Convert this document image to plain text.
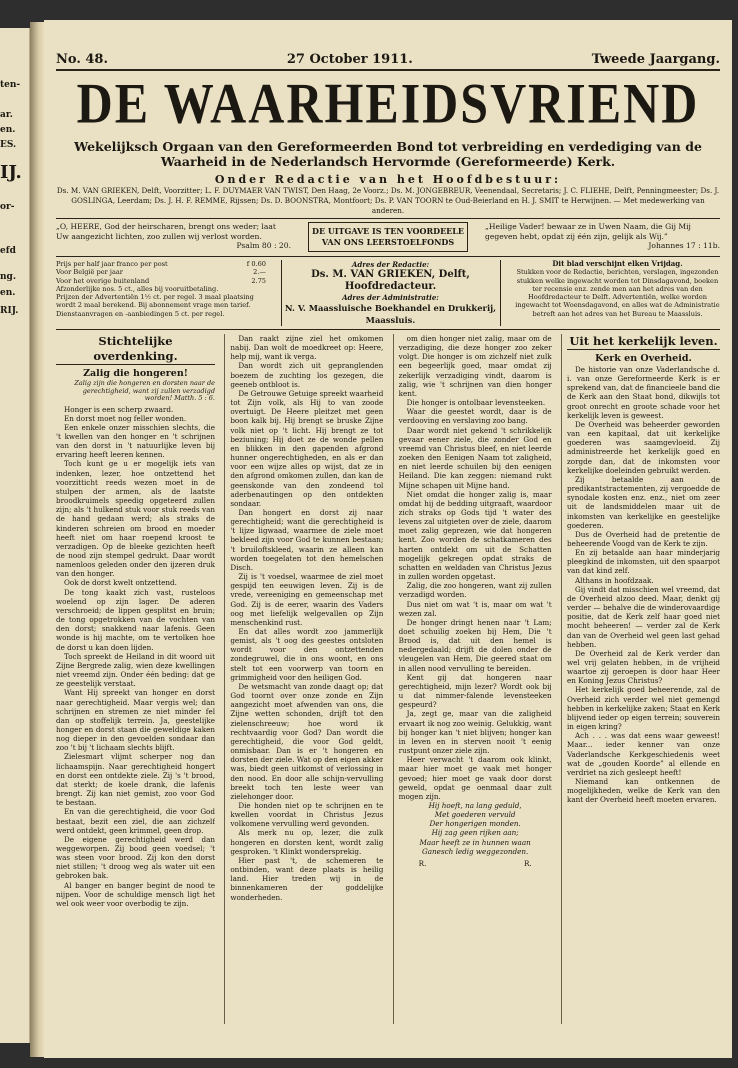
ten-
ar.
en.
ES.
IJ.
or-
efd
ng.
en.
RIJ.
No. 48.	27 October 1911.	Tweede Jaargang.
DE WAARHEIDSVRIEND
Wekelijksch Orgaan van den Gereformeerden Bond tot verbreiding en verdediging van de Waarheid in de Nederlandsch Hervormde (Gereformeerde) Kerk.
Onder Redactie van het Hoofdbestuur:
Ds. M. VAN GRIEKEN, Delft, Voorzitter; L. F. DUYMAER VAN TWIST, Den Haag, 2e Voorz.; Ds. M. JONGEBREUR, Veenendaal, Secretaris; J. C. FLIEHE, Delft, Penningmeester; Ds. J. GOSLINGA, Leerdam; Ds. J. H. F. REMME, Rijssen; Ds. D. BOONSTRA, Montfoort; Ds. P. VAN TOORN te Oud-Beierland en H. J. SMIT te Herwijnen. — Met medewerking van anderen.
„O, HEERE, God der heirscharen, brengt ons weder; laat Uw aangezicht lichten, zoo zullen wij verlost worden.
Psalm 80 : 20.
DE UITGAVE IS TEN VOORDEELE VAN ONS LEERSTOELFONDS
„Heilige Vader! bewaar ze in Uwen Naam, die Gij Mij gegeven hebt, opdat zij één zijn, gelijk als Wij.”
Johannes 17 : 11b.
Prijs per half jaar franco per post	f 0.60
Voor België per jaar	2.—
Voor het overige buitenland	2.75
Afzonderlijke nos. 5 ct., alles bij vooruitbetaling.
Prijzen der Advertentiën 1½ ct. per regel. 3 maal plaatsing wordt 2 maal berekend. Bij abonnement vrage men tarief. Dienstaanvragen en -aanbiedingen 5 ct. per regel.
Adres der Redactie:
Ds. M. VAN GRIEKEN, Delft, Hoofdredacteur.
Adres der Administratie:
N. V. Maassluische Boekhandel en Drukkerij, Maassluis.
Dit blad verschijnt elken Vrijdag.
Stukken voor de Redactie, berichten, verslagen, ingezonden stukken welke ingewacht worden tot Dinsdagavond, boeken ter recensie enz. zende men aan het adres van den Hoofdredacteur te Delft. Advertentiën, welke worden ingewacht tot Woensdagavond, en alles wat de Administratie betreft aan het adres van het Bureau te Maassluis.
Stichtelijke overdenking.
Zalig die hongeren!
Zalig zijn die hongeren en dorsten naar de gerechtigheid, want zij zullen verzadigd worden! Matth. 5 : 6.

Honger is een scherp zwaard.

En dorst moet nog feller wonden.

Een enkele onzer misschien slechts, die 't kwellen van den honger en 't schrijnen van den dorst in 't natuurlijke leven bij ervaring heeft leeren kennen.

Toch kunt ge u er mogelijk iets van indenken, lezer, hoe ontzettend het voorzitticht reeds wezen moet in de stulpen der armen, als de laatste broodkruimels speedig opgeteerd zullen zijn; als 't hulkend stuk voor stuk reeds van de hand gedaan werd; als straks de kinderen schreien om brood en moeder heeft niet om haar roepend kroost te verzadigen. Op de bleeke gezichten heeft de nood zijn stempel gedrukt. Daar wordt namenloos geleden onder den ijzeren druk van den honger.

Ook de dorst kwelt ontzettend.

De tong kaakt zich vast, rusteloos woelend op zijn lager. De aderen verschroeid; de lippen gesplitst en bruin; de tong opgetrokken van de vochten van den dorst; snakkend naar lafenis. Geen wonde is hij machte, om te vertolken hoe de dorst u kan doen lijden.

Toch spreekt de Heiland in dit woord uit Zijne Bergrede zalig, wien deze kwellingen niet vreemd zijn. Onder één beding: dat ge ze geestelijk verstaat.

Want Hij spreekt van honger en dorst naar gerechtigheid. Maar vergis wel; dan schrijnen en stremen ze niet minder fel dan op stoffelijk terrein. Ja, geestelijke honger en dorst staan die geweldige kaken nog dieper in den gevoelden sondaar dan zoo 't bij 't lichaam slechts blijft.

Zielesmart vlijmt scherper nog dan lichaamspijn. Naar gerechtigheid hongert en dorst een ontdekte ziele. Zij 's 't brood, dat sterkt; de koele drank, die lafenis brengt. Zij kan niet gemist, zoo voor God te bestaan.

En van die gerechtigheid, die voor God bestaat, bezit een ziel, die aan zichzelf werd ontdekt, geen krimmel, geen drop.

De eigene gerechtigheid werd dan weggeworpen. Zij bood geen voedsel; 't was steen voor brood. Zij kon den dorst niet stillen; 't droog weg als water uit een gebroken bak.

Al banger en banger begint de nood te nijpen. Voor de schuldige mensch ligt het wel ook weer voor overbodig te zijn.

Dan raakt zijne ziel het omkomen nabij. Dan wolt de moedkreet op: Heere, help mij, want ik verga.

Dan wordt zich uit gepranglenden boezem de zuchting los gezegen, die geeneb ontbloot is.

De Getrouwe Getuige spreekt waarheid tot Zijn volk, als Hij to van zoode overtuigt. De Heere pleitzet met geen boon kalk bij. Hij brengt se bruske Zijne volk niet op 't licht. Hij brengt ze tot beziuning; Hij doet ze de wonde pellen en blikken in den gapenden afgrond hunner ongerechtigheden, en als er dan voor een wijze alles op wijst, dat ze in den afgrond omkomen zullen, dan kan de geenskonde van den zondeend tol aderbenautingen op den ontdekten sondaar.

Dan hongert en dorst zij naar gerechtigheid; want die gerechtigheid is 't lijze ligwaad, waarmee de ziele moet bekleed zijn voor God te kunnen bestaan; 't bruiloftskleed, waarin ze alleen kan worden toegelaten tot den hemelschen Disch.

Zij is 't voedsel, waarmee de ziel moet gespijd ten eeuwigen leven. Zij is de vrede, vereeniging en gemeenschap met God. Zij is de eerer, waarin des Vaders oog met liefelijk welgevallen op Zijn menschenkind rust.

En dat alles wordt zoo jammerlijk gemist, als 't oog des geestes ontsloten wordt voor den ontzettenden zondegruwel, die in ons woont, en ons stelt tot een voorwerp van toorn en grimmigheid voor den heiligen God.

De wetsmacht van zonde daagt op; dat God toornt over onze zonde en Zijn aangezicht moet afwenden van ons, die Zijne wetten schonden, drijft tot den zielenschreeuw; hoe word ik rechtvaardig voor God? Dan wordt die gerechtigheid, die voor God geldt, onmisbaar. Dan is er 't hongeren en dorsten der ziele. Wat op den eigen akker was, biedt geen uitkomst of verlossing in den nood. En door alle schijn-vervulling breekt toch ten leste weer van zielehonger door.

Die honden niet op te schrijnen en te kwellen voordat in Christus Jezus volkomene vervulling werd gevonden.

Als merk nu op, lezer, die zulk hongeren en dorsten kent, wordt zalig gesproken. 't Klinkt wondersprekig.

Hier past 't, de schemeren te ontbinden, want deze plaats is heilig land. Hier treden wij in de binnenkameren der goddelijke wonderheden.

om dien honger niet zalig, maar om de verzadiging, die deze honger zoo zeker volgt. Die honger is om zichzelf niet zulk een begeerlijk goed, maar omdat zij zekerlijk verzadiging vindt, daarom is zalig, wie 't schrijnen van dien honger kent.

Die honger is ontolbaar levensteeken.

Waar die geestet wordt, daar is de verdooving en verslaving zoo bang.

Daar wordt niet gekend 't schrikkelijk gevaar eener ziele, die zonder God en vreemd van Christus bleef, en niet leerde zoeken den Eenigen Naam tot zaligheid, en niet leerde schuilen bij den eenigen Heiland. Die kan zeggen: niemand rukt Mijne schapen uit Mijne hand.

Niet omdat die honger zalig is, maar omdat hij de bedding uitgraaft, waardoor zich straks op Gods tijd 't water des levens zal uitgieten over de ziele, daarom moet zalig geprezen, wie dat hongeren kent. Zoo worden de schatkameren des harten ontdekt om uit de Schatten mogelijk gekregen opdat straks de schatten en weldaden van Christus Jezus in zullen worden opgetast.

Zalig, die zoo hongeren, want zij zullen verzadigd worden.

Dus niet om wat 't is, maar om wat 't wezen zal.

De honger dringt henen naar 't Lam; doet schuilig zoeken bij Hem, Die 't Brood is, dat uit den hemel is nedergedaald; drijft de dolen onder de vleugelen van Hem, Die geered staat om in allen nood vervulling te bereiden.

Kent gij dat hongeren naar gerechtigheid, mijn lezer? Wordt ook bij u dat nimmer-falende levensteeken gespeurd?

Ja, zegt ge, maar van die zaligheid ervaart ik nog zoo weinig. Gelukkig, want bij honger kan 't niet blijven; honger kan in leven en in sterven nooit 't eenig rustpunt onzer ziele zijn.

Heer verwacht 't daarom ook klinkt, maar hier moet ge vaak met honger gevoed; hier moet ge vaak door dorst geweld, opdat ge oenmaal daar zult mogen zijn.

Hij hoeft, na lang geduld,
Met goederen vervuld
Der hongerigen monden.
Hij zag geen rijken aan;
Maar heeft ze in hunnen waan
Ganesch ledig weggezonden.
R.	R.
Uit het kerkelijk leven.
Kerk en Overheid.

De historie van onze Vaderlandsche d. i. van onze Gereformeerde Kerk is er sprekend van, dat de financieele band die de Kerk aan den Staat bond, dikwijls tot groot onrecht en groote schade voor het kerkelijk leven is geweest.

De Overheid was beheerder geworden van een kapitaal, dat uit kerkelijke goederen was saamgevloeid. Zij administreerde het kerkelijk goed en zorgde dan, dat de inkomsten voor kerkelijke doeleinden gebruikt werden.

Zij betaalde aan de predikantstractementen, zij vergoedde de synodale kosten enz. enz., niet om zeer uit de landsmiddelen maar uit de inkomsten van kerkelijke en geestelijke goederen.

Dus de Overheid had de pretentie de beheerende Voogd van de Kerk te zijn.

En zij betaalde aan haar minderjarig pleegkind de inkomsten, uit den spaarpot van dat kind zelf.

Althans in hoofdzaak.

Gij vindt dat misschien wel vreemd, dat de Overheid alzoo deed. Maar, denkt gij verder — behalve die de winderovaardige positie, dat de Kerk zelf haar goed niet mocht beheeren! — verder zal de Kerk dan van de Overheid wel geen last gehad hebben.

De Overheid zal de Kerk verder dan wel vrij gelaten hebben, in de vrijheid waartoe zij geroepen is door haar Heer en Koning Jezus Christus?

Het kerkelijk goed beheerende, zal de Overheid zich verder wel niet gemengd hebben in kerkelijke zaken; Staat en Kerk blijvend ieder op eigen terrein; souverein in eigen kring?

Ach . . . was dat eens waar geweest! Maar... ieder kenner van onze Vaderlandsche Kerkgeschiedenis weet wat de „gouden Koorde” al ellende en verdriet na zich gesleept heeft!

Niemand kan ontkennen de mogelijkheden, welke de Kerk van den kant der Overheid heeft moeten ervaren.
